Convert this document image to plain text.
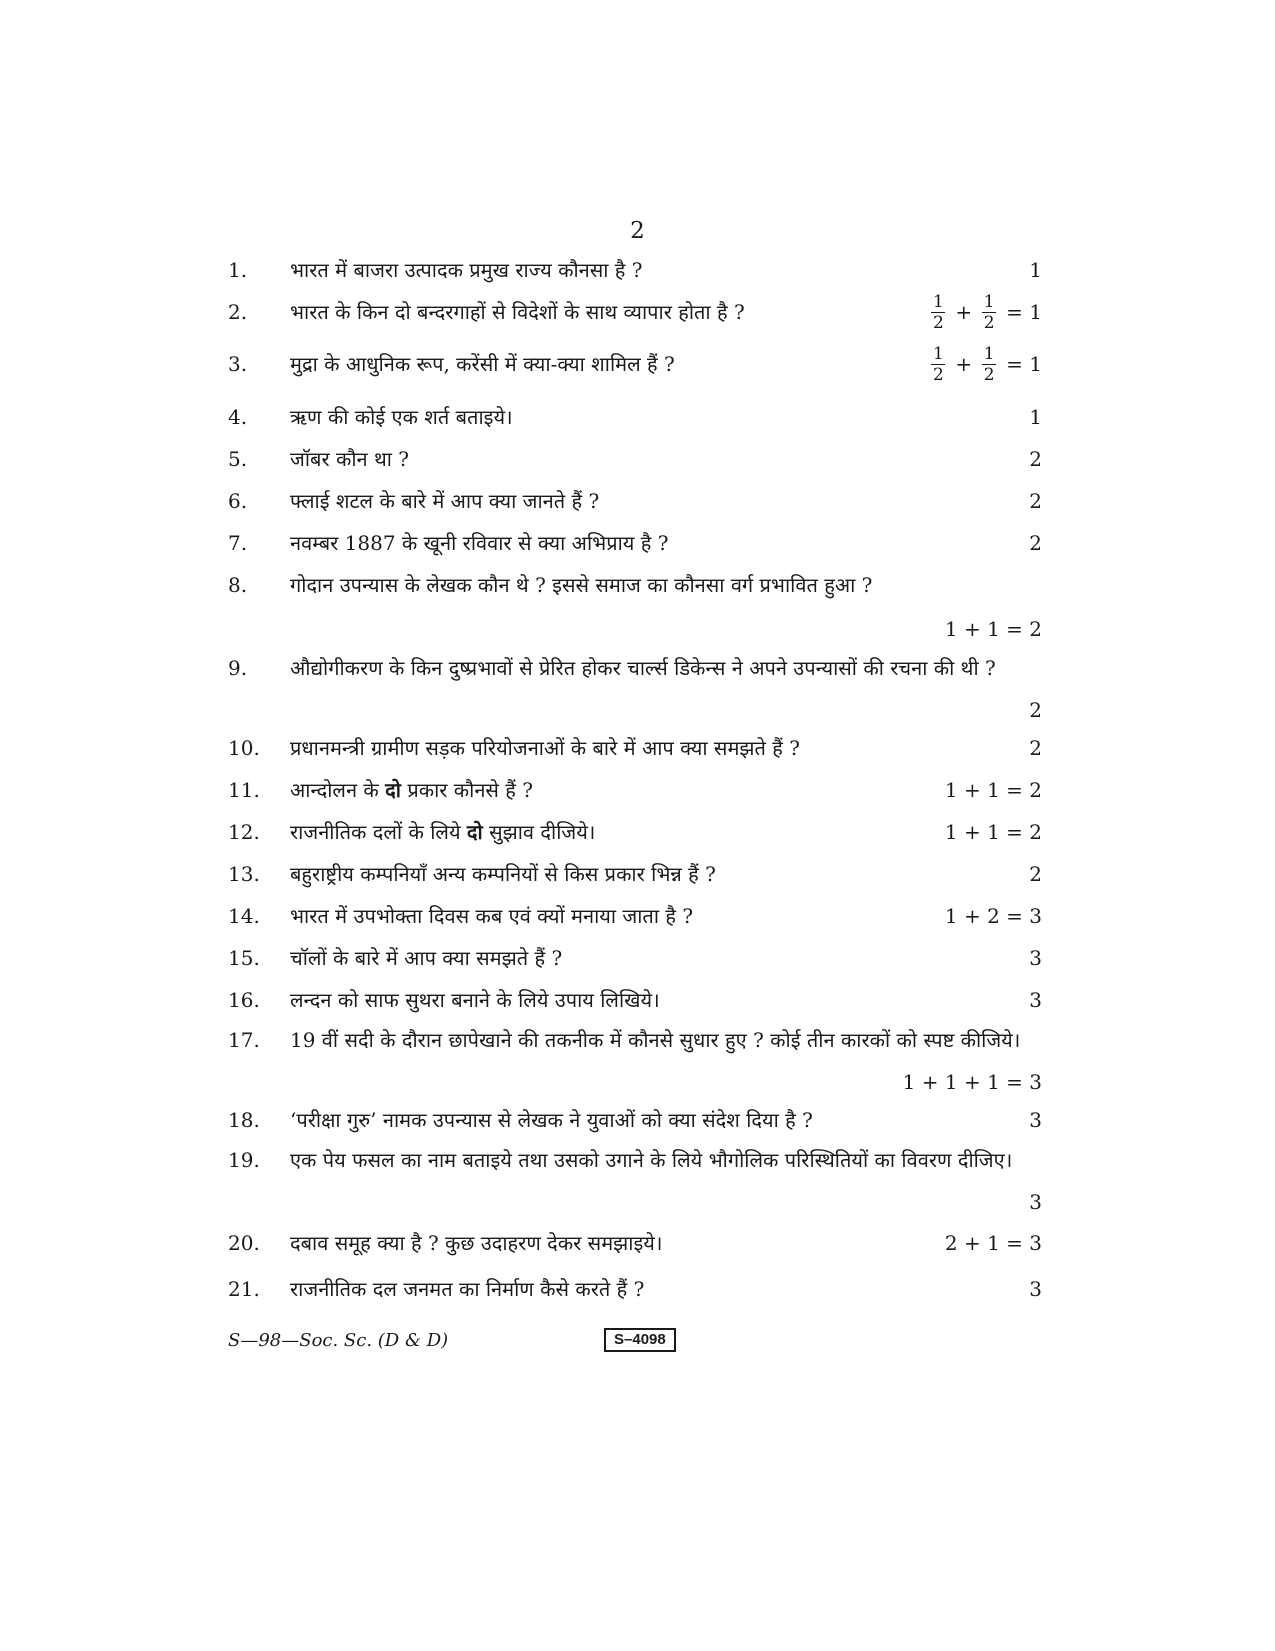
2
1.	भारत में बाजरा उत्पादक प्रमुख राज्य कौनसा है ?	1
2.	भारत के किन दो बन्दरगाहों से विदेशों के साथ व्यापार होता है ?	$\frac{1}{2} + \frac{1}{2} = 1$
3.	मुद्रा के आधुनिक रूप, करेंसी में क्या-क्या शामिल हैं ?	$\frac{1}{2} + \frac{1}{2} = 1$
4.	ऋण की कोई एक शर्त बताइये।	1
5.	जॉबर कौन था ?	2
6.	फ्लाई शटल के बारे में आप क्या जानते हैं ?	2
7.	नवम्बर 1887 के खूनी रविवार से क्या अभिप्राय है ?	2
8.	गोदान उपन्यास के लेखक कौन थे ? इससे समाज का कौनसा वर्ग प्रभावित हुआ ?
1 + 1 = 2
9.	औद्योगीकरण के किन दुष्प्रभावों से प्रेरित होकर चार्ल्स डिकेन्स ने अपने उपन्यासों की रचना की थी ?
2
10.	प्रधानमन्त्री ग्रामीण सड़क परियोजनाओं के बारे में आप क्या समझते हैं ?	2
11.	आन्दोलन के दो प्रकार कौनसे हैं ?	1 + 1 = 2
12.	राजनीतिक दलों के लिये दो सुझाव दीजिये।	1 + 1 = 2
13.	बहुराष्ट्रीय कम्पनियाँ अन्य कम्पनियों से किस प्रकार भिन्न हैं ?	2
14.	भारत में उपभोक्ता दिवस कब एवं क्यों मनाया जाता है ?	1 + 2 = 3
15.	चॉलों के बारे में आप क्या समझते हैं ?	3
16.	लन्दन को साफ सुथरा बनाने के लिये उपाय लिखिये।	3
17.	19 वीं सदी के दौरान छापेखाने की तकनीक में कौनसे सुधार हुए ? कोई तीन कारकों को स्पष्ट कीजिये।
1 + 1 + 1 = 3
18.	‘परीक्षा गुरु’ नामक उपन्यास से लेखक ने युवाओं को क्या संदेश दिया है ?	3
19.	एक पेय फसल का नाम बताइये तथा उसको उगाने के लिये भौगोलिक परिस्थितियों का विवरण दीजिए।
3
20.	दबाव समूह क्या है ? कुछ उदाहरण देकर समझाइये।	2 + 1 = 3
21.	राजनीतिक दल जनमत का निर्माण कैसे करते हैं ?	3
S—98—Soc. Sc. (D & D)	S–4098
